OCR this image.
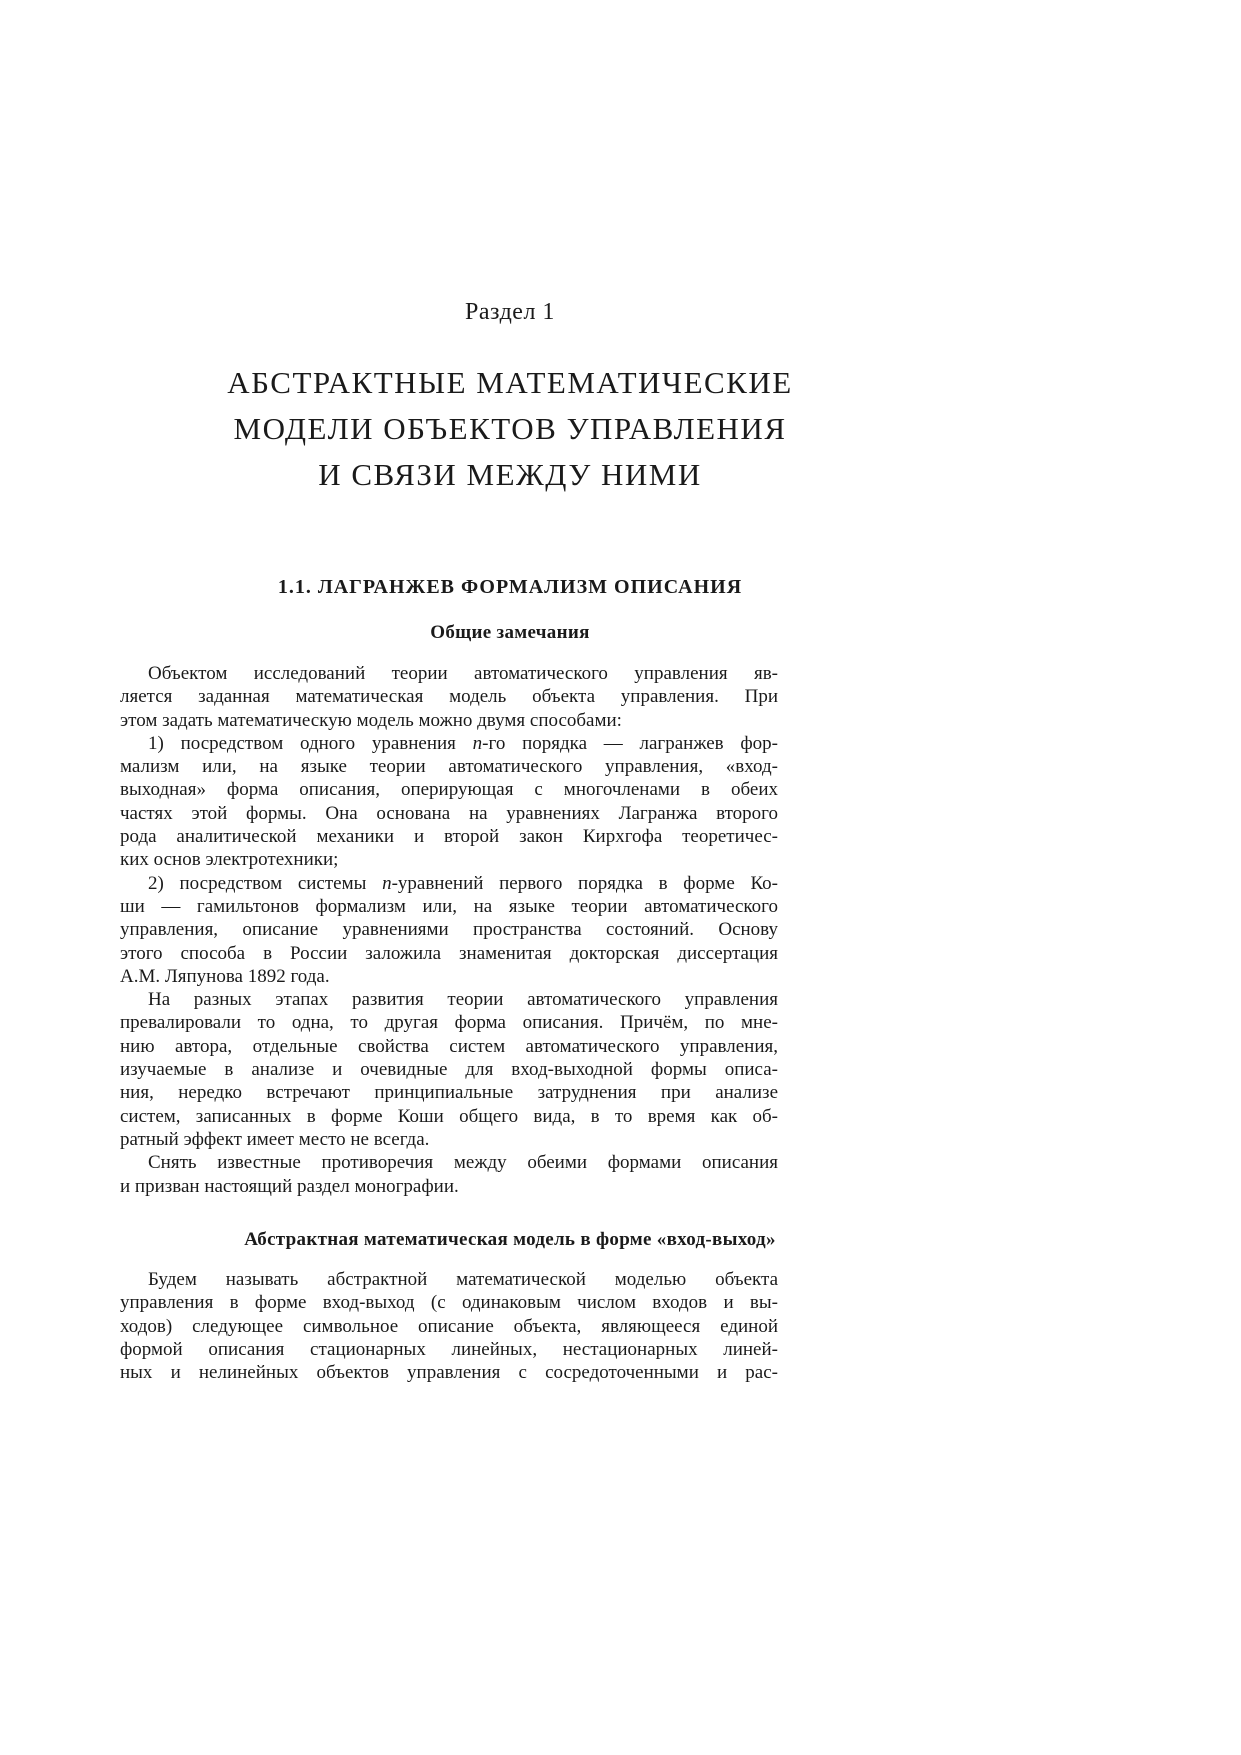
Раздел 1
АБСТРАКТНЫЕ МАТЕМАТИЧЕСКИЕ
МОДЕЛИ ОБЪЕКТОВ УПРАВЛЕНИЯ
И СВЯЗИ МЕЖДУ НИМИ
1.1. ЛАГРАНЖЕВ ФОРМАЛИЗМ ОПИСАНИЯ
Общие замечания
Объектом исследований теории автоматического управления яв-
ляется заданная математическая модель объекта управления. При
этом задать математическую модель можно двумя способами:
1) посредством одного уравнения n-го порядка — лагранжев фор-
мализм или, на языке теории автоматического управления, «вход-
выходная» форма описания, оперирующая с многочленами в обеих
частях этой формы. Она основана на уравнениях Лагранжа второго
рода аналитической механики и второй закон Кирхгофа теоретичес-
ких основ электротехники;
2) посредством системы n-уравнений первого порядка в форме Ко-
ши — гамильтонов формализм или, на языке теории автоматического
управления, описание уравнениями пространства состояний. Основу
этого способа в России заложила знаменитая докторская диссертация
А.М. Ляпунова 1892 года.
На разных этапах развития теории автоматического управления
превалировали то одна, то другая форма описания. Причём, по мне-
нию автора, отдельные свойства систем автоматического управления,
изучаемые в анализе и очевидные для вход-выходной формы описа-
ния, нередко встречают принципиальные затруднения при анализе
систем, записанных в форме Коши общего вида, в то время как об-
ратный эффект имеет место не всегда.
Снять известные противоречия между обеими формами описания
и призван настоящий раздел монографии.
Абстрактная математическая модель в форме «вход-выход»
Будем называть абстрактной математической моделью объекта
управления в форме вход-выход (с одинаковым числом входов и вы-
ходов) следующее символьное описание объекта, являющееся единой
формой описания стационарных линейных, нестационарных линей-
ных и нелинейных объектов управления с сосредоточенными и рас-
